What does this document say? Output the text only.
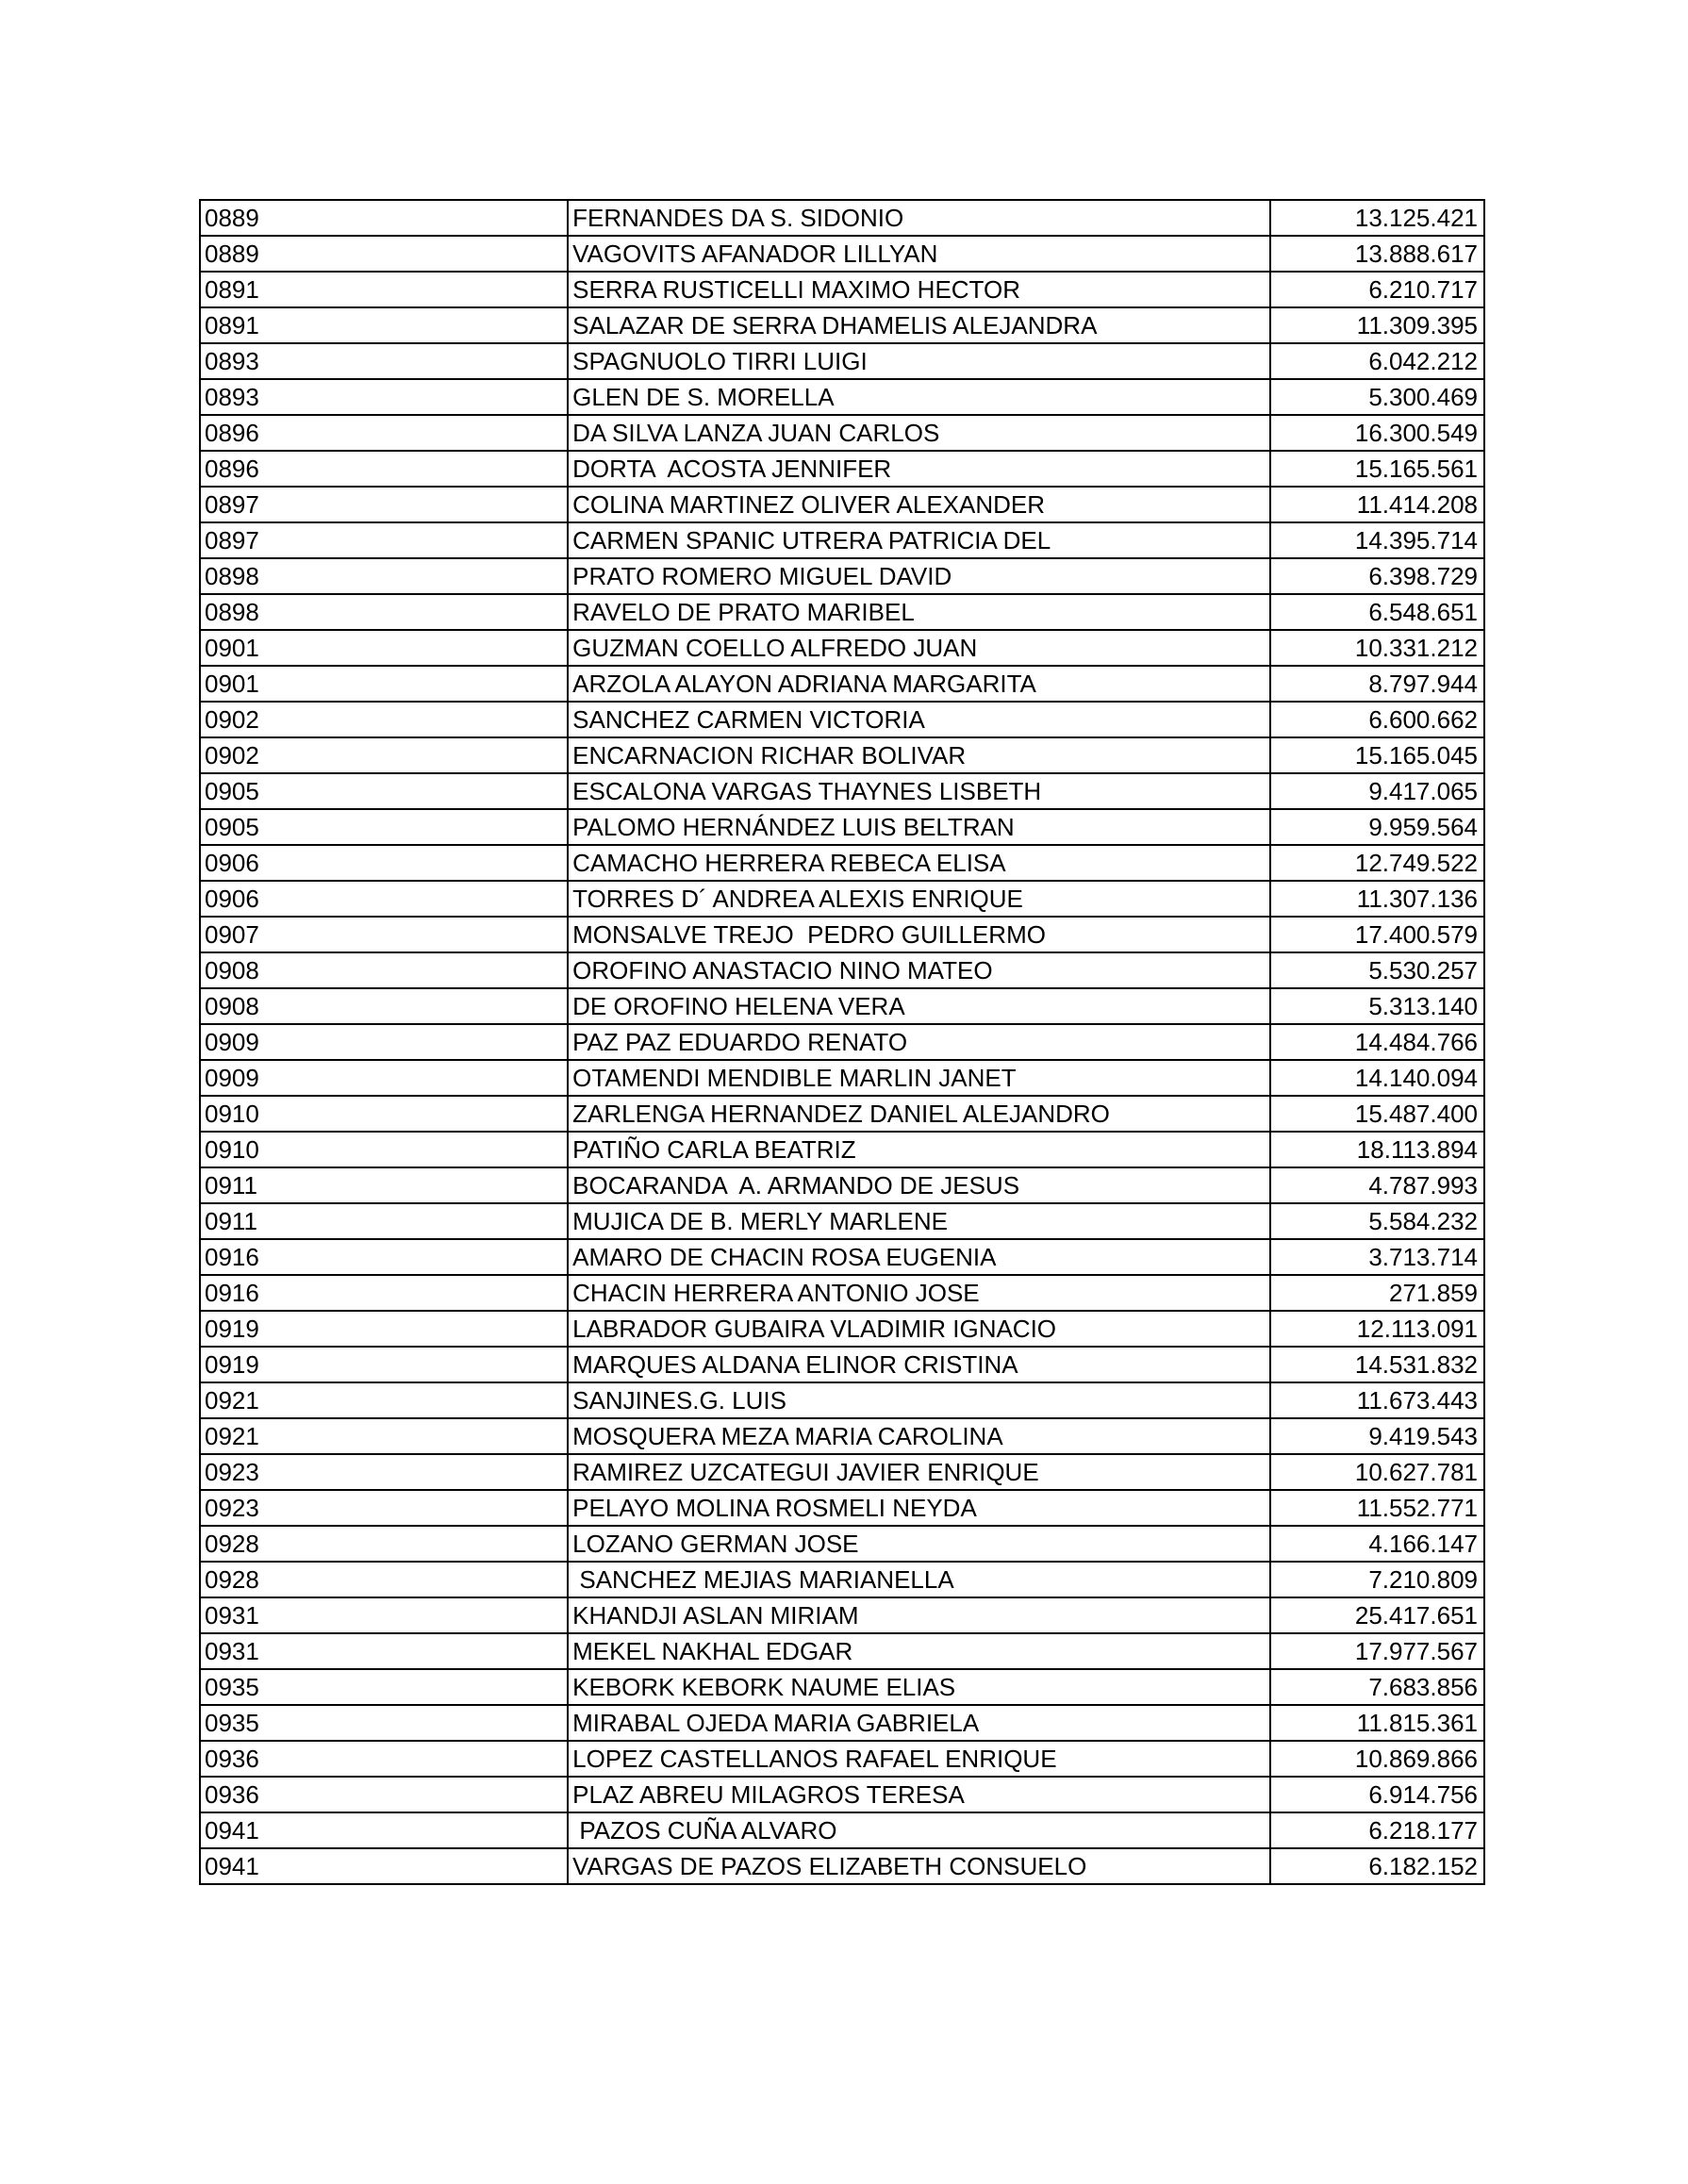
0889	FERNANDES DA S. SIDONIO	13.125.421
0889	VAGOVITS AFANADOR LILLYAN	13.888.617
0891	SERRA RUSTICELLI MAXIMO HECTOR	6.210.717
0891	SALAZAR DE SERRA DHAMELIS ALEJANDRA	11.309.395
0893	SPAGNUOLO TIRRI LUIGI	6.042.212
0893	GLEN DE S. MORELLA	5.300.469
0896	DA SILVA LANZA JUAN CARLOS	16.300.549
0896	DORTA  ACOSTA JENNIFER	15.165.561
0897	COLINA MARTINEZ OLIVER ALEXANDER	11.414.208
0897	CARMEN SPANIC UTRERA PATRICIA DEL	14.395.714
0898	PRATO ROMERO MIGUEL DAVID	6.398.729
0898	RAVELO DE PRATO MARIBEL	6.548.651
0901	GUZMAN COELLO ALFREDO JUAN	10.331.212
0901	ARZOLA ALAYON ADRIANA MARGARITA	8.797.944
0902	SANCHEZ CARMEN VICTORIA	6.600.662
0902	ENCARNACION RICHAR BOLIVAR	15.165.045
0905	ESCALONA VARGAS THAYNES LISBETH	9.417.065
0905	PALOMO HERNÁNDEZ LUIS BELTRAN	9.959.564
0906	CAMACHO HERRERA REBECA ELISA	12.749.522
0906	TORRES D´ ANDREA ALEXIS ENRIQUE	11.307.136
0907	MONSALVE TREJO  PEDRO GUILLERMO	17.400.579
0908	OROFINO ANASTACIO NINO MATEO	5.530.257
0908	DE OROFINO HELENA VERA	5.313.140
0909	PAZ PAZ EDUARDO RENATO	14.484.766
0909	OTAMENDI MENDIBLE MARLIN JANET	14.140.094
0910	ZARLENGA HERNANDEZ DANIEL ALEJANDRO	15.487.400
0910	PATIÑO CARLA BEATRIZ	18.113.894
0911	BOCARANDA  A. ARMANDO DE JESUS	4.787.993
0911	MUJICA DE B. MERLY MARLENE	5.584.232
0916	AMARO DE CHACIN ROSA EUGENIA	3.713.714
0916	CHACIN HERRERA ANTONIO JOSE	271.859
0919	LABRADOR GUBAIRA VLADIMIR IGNACIO	12.113.091
0919	MARQUES ALDANA ELINOR CRISTINA	14.531.832
0921	SANJINES.G. LUIS	11.673.443
0921	MOSQUERA MEZA MARIA CAROLINA	9.419.543
0923	RAMIREZ UZCATEGUI JAVIER ENRIQUE	10.627.781
0923	PELAYO MOLINA ROSMELI NEYDA	11.552.771
0928	LOZANO GERMAN JOSE	4.166.147
0928	SANCHEZ MEJIAS MARIANELLA	7.210.809
0931	KHANDJI ASLAN MIRIAM	25.417.651
0931	MEKEL NAKHAL EDGAR	17.977.567
0935	KEBORK KEBORK NAUME ELIAS	7.683.856
0935	MIRABAL OJEDA MARIA GABRIELA	11.815.361
0936	LOPEZ CASTELLANOS RAFAEL ENRIQUE	10.869.866
0936	PLAZ ABREU MILAGROS TERESA	6.914.756
0941	PAZOS CUÑA ALVARO	6.218.177
0941	VARGAS DE PAZOS ELIZABETH CONSUELO	6.182.152
